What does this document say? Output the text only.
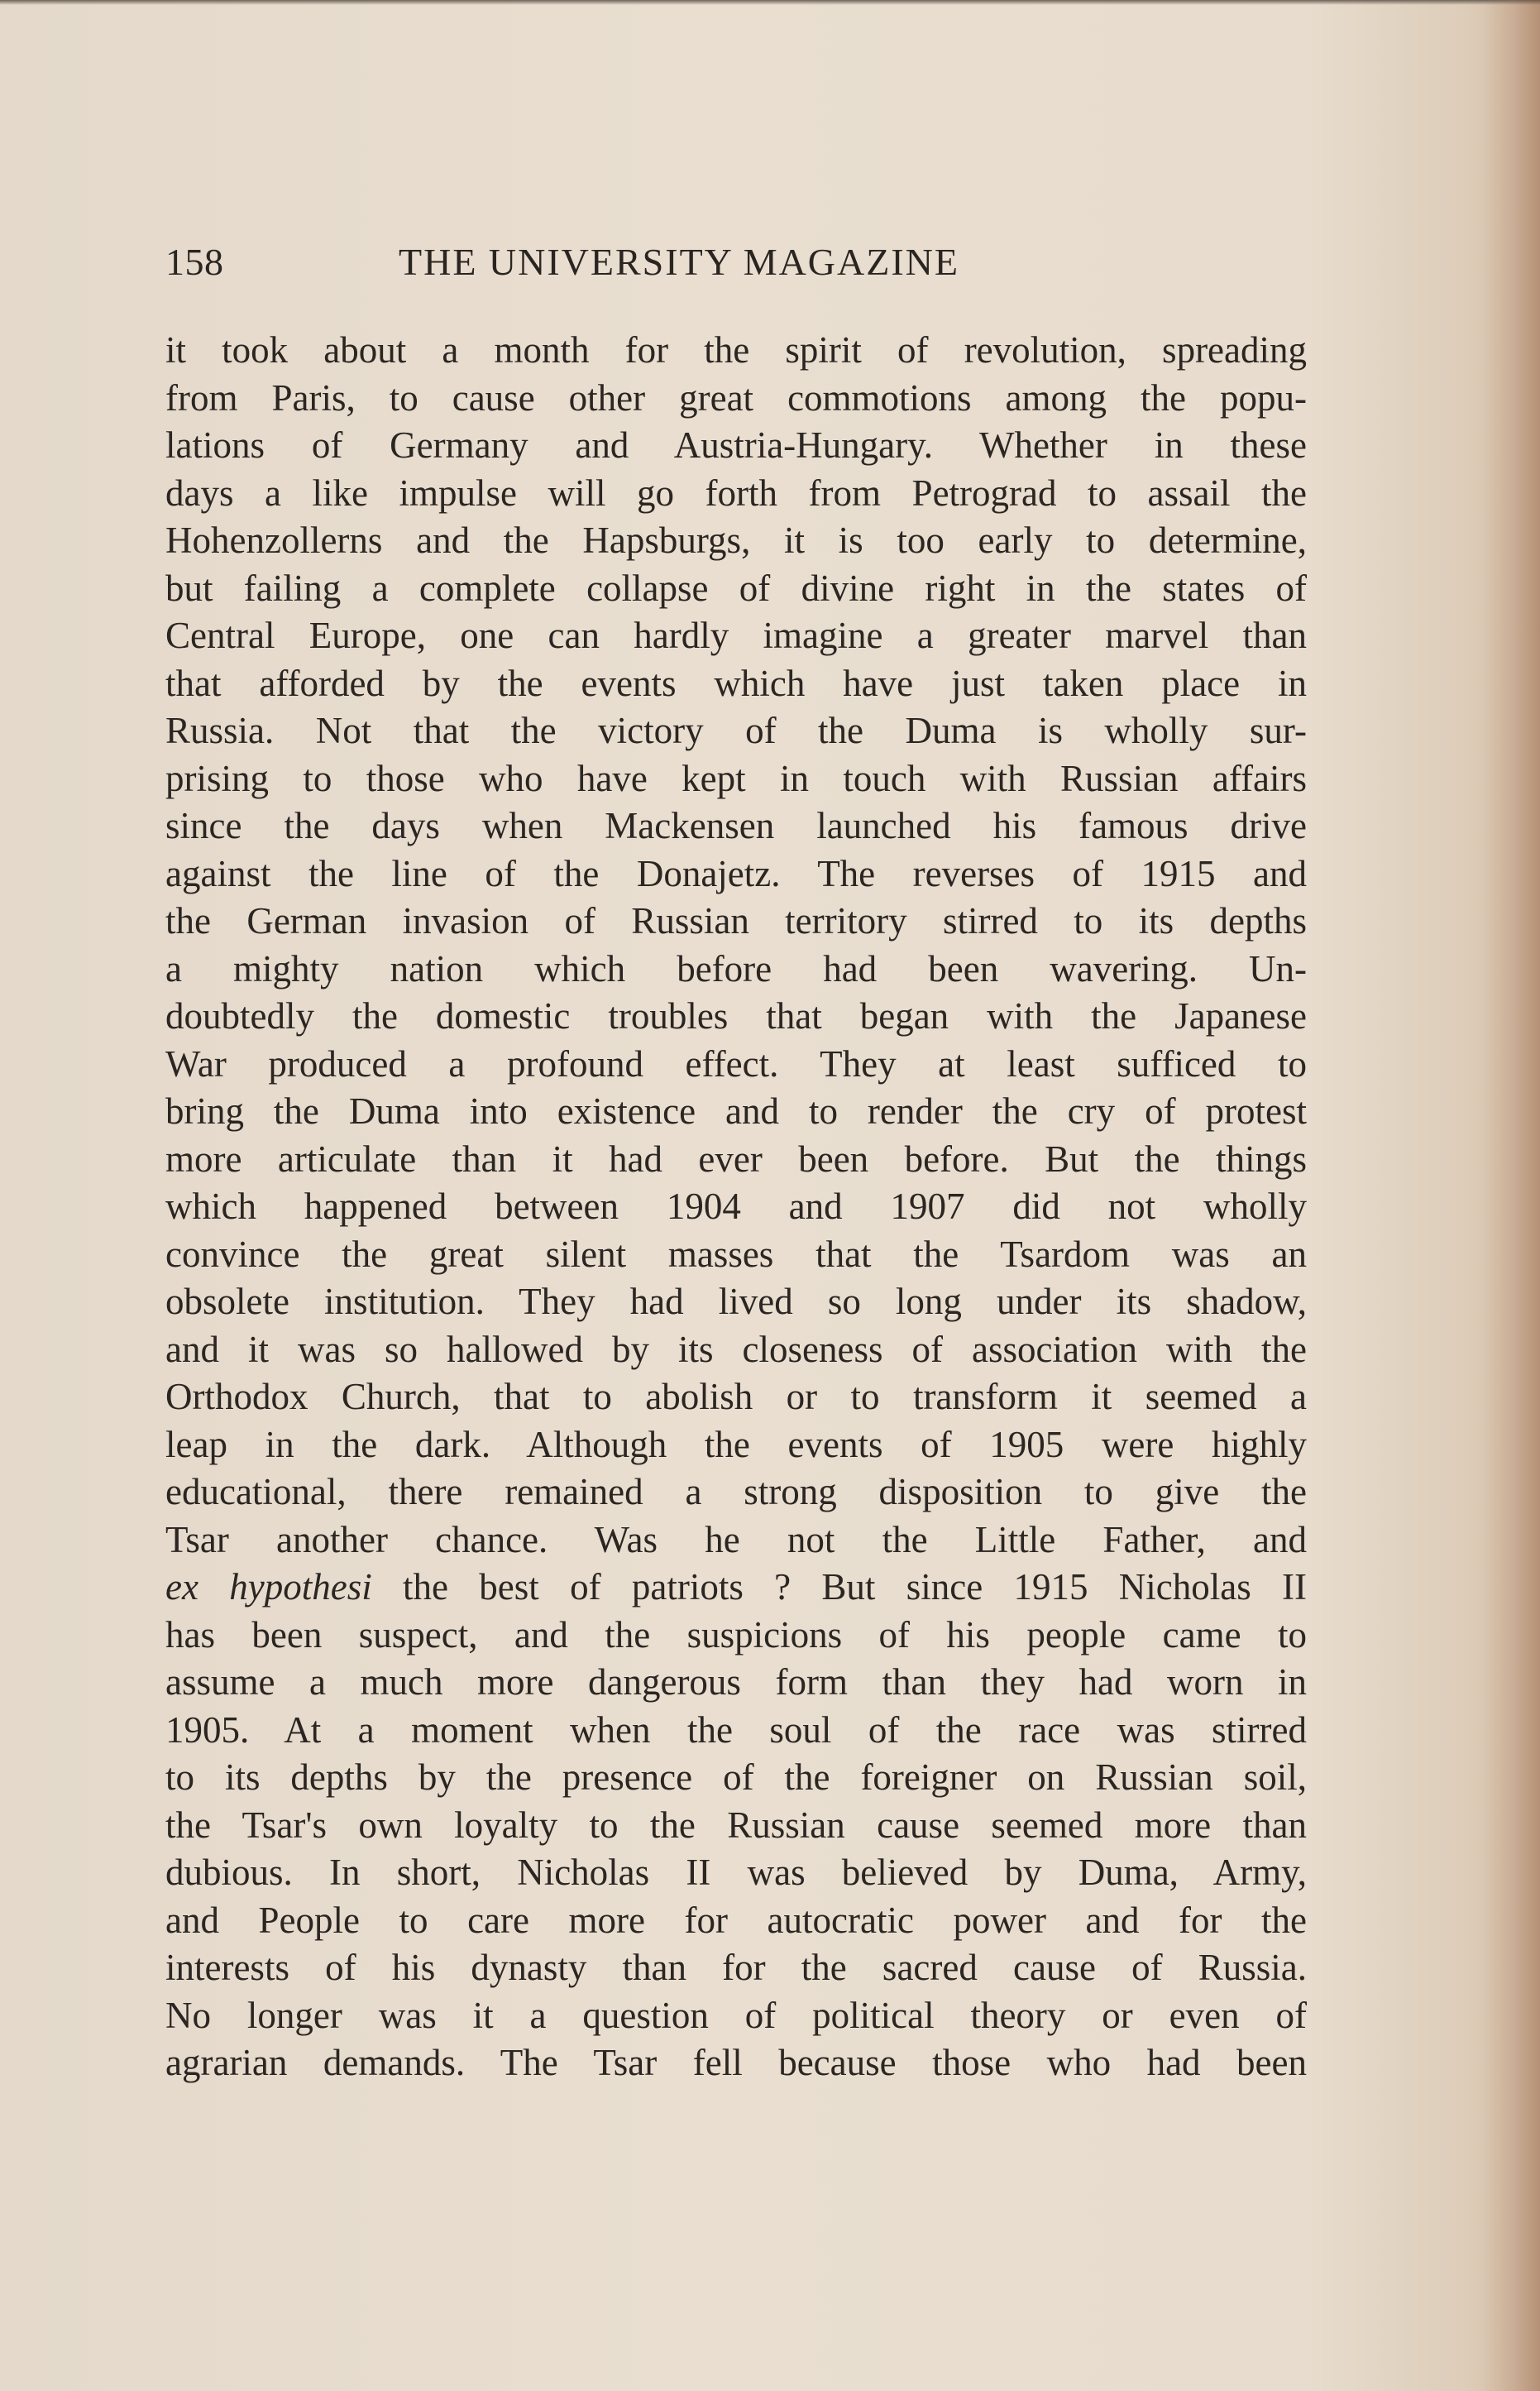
158	THE UNIVERSITY MAGAZINE
it took about a month for the spirit of revolution, spreading
from Paris, to cause other great commotions among the popu-
lations of Germany and Austria-Hungary. Whether in these
days a like impulse will go forth from Petrograd to assail the
Hohenzollerns and the Hapsburgs, it is too early to determine,
but failing a complete collapse of divine right in the states of
Central Europe, one can hardly imagine a greater marvel than
that afforded by the events which have just taken place in
Russia. Not that the victory of the Duma is wholly sur-
prising to those who have kept in touch with Russian affairs
since the days when Mackensen launched his famous drive
against the line of the Donajetz. The reverses of 1915 and
the German invasion of Russian territory stirred to its depths
a mighty nation which before had been wavering. Un-
doubtedly the domestic troubles that began with the Japanese
War produced a profound effect. They at least sufficed to
bring the Duma into existence and to render the cry of protest
more articulate than it had ever been before. But the things
which happened between 1904 and 1907 did not wholly
convince the great silent masses that the Tsardom was an
obsolete institution. They had lived so long under its shadow,
and it was so hallowed by its closeness of association with the
Orthodox Church, that to abolish or to transform it seemed a
leap in the dark. Although the events of 1905 were highly
educational, there remained a strong disposition to give the
Tsar another chance. Was he not the Little Father, and
ex hypothesi the best of patriots ? But since 1915 Nicholas II
has been suspect, and the suspicions of his people came to
assume a much more dangerous form than they had worn in
1905. At a moment when the soul of the race was stirred
to its depths by the presence of the foreigner on Russian soil,
the Tsar's own loyalty to the Russian cause seemed more than
dubious. In short, Nicholas II was believed by Duma, Army,
and People to care more for autocratic power and for the
interests of his dynasty than for the sacred cause of Russia.
No longer was it a question of political theory or even of
agrarian demands. The Tsar fell because those who had been
